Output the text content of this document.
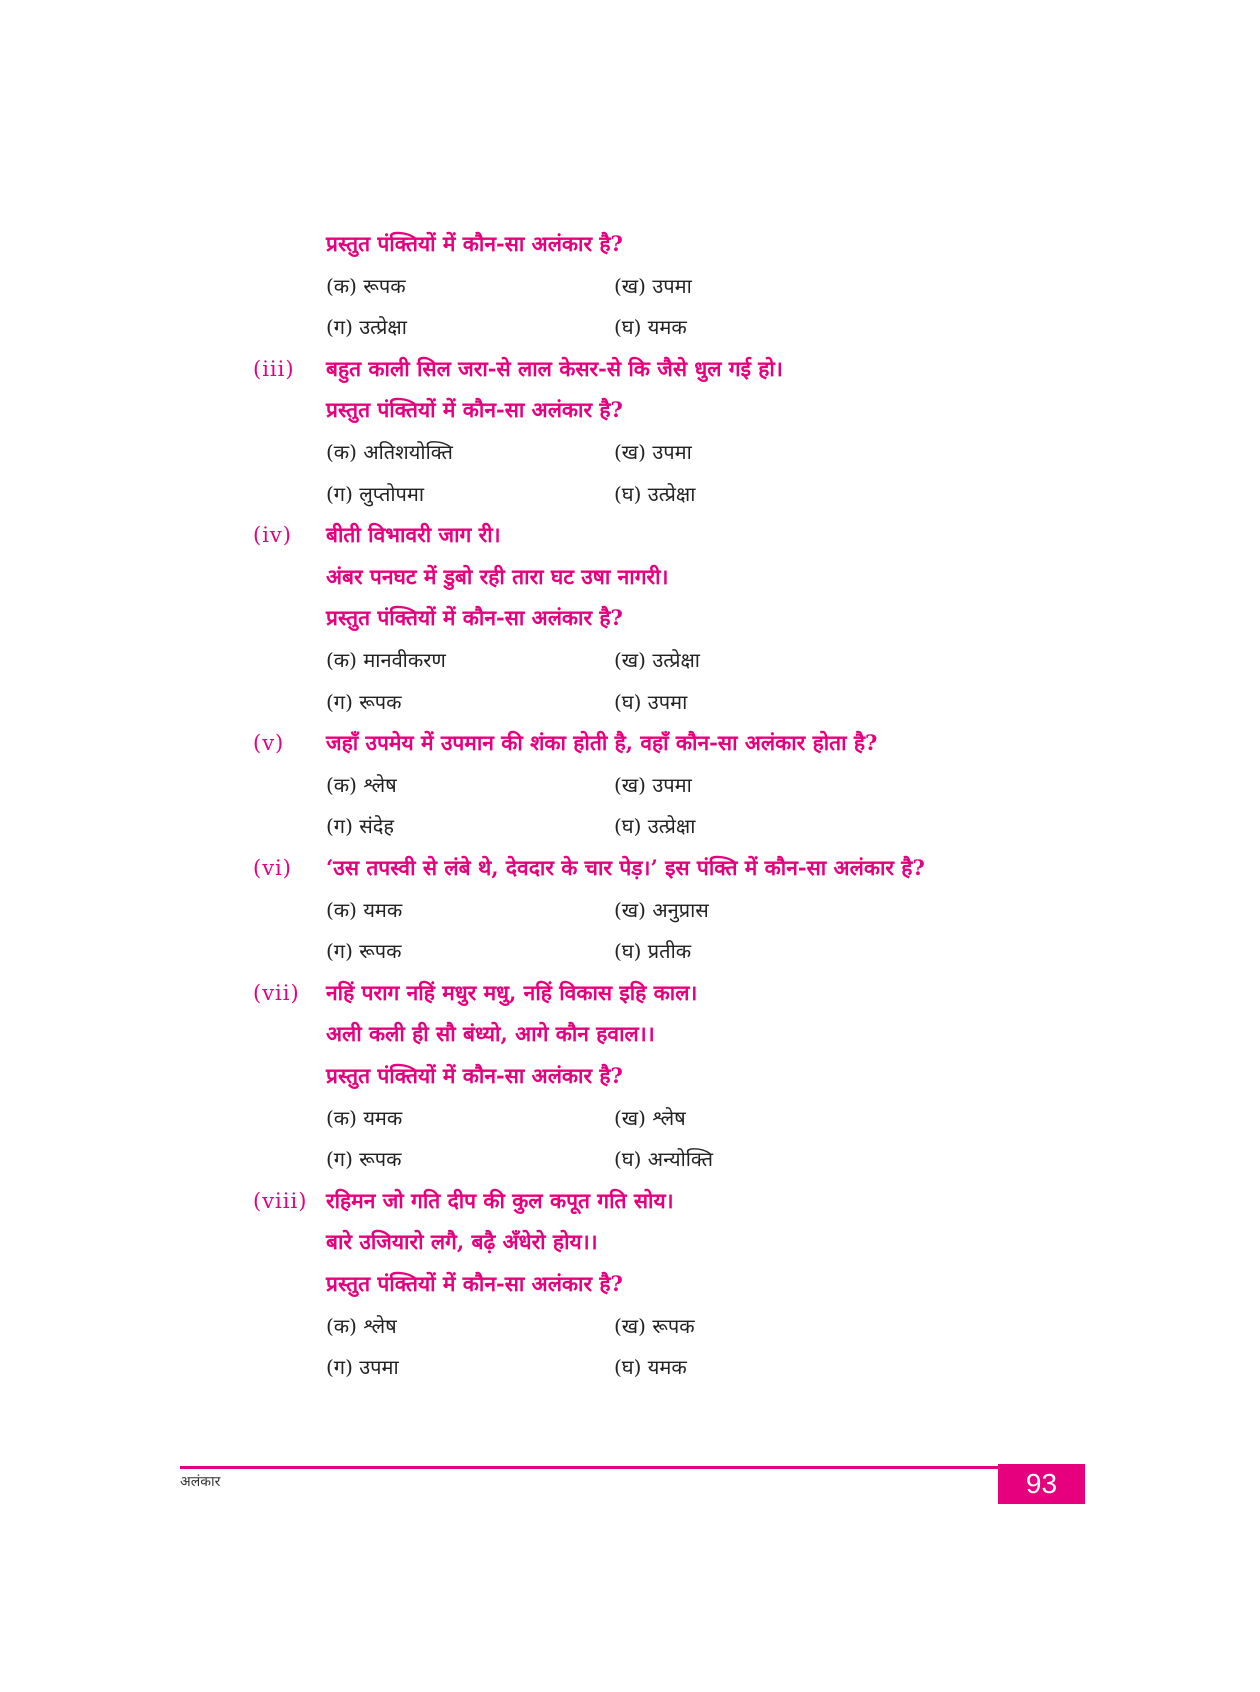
प्रस्तुत पंक्तियों में कौन-सा अलंकार है?
(क) रूपक	(ख) उपमा
(ग) उत्प्रेक्षा	(घ) यमक
(iii) बहुत काली सिल जरा-से लाल केसर-से कि जैसे धुल गई हो।
प्रस्तुत पंक्तियों में कौन-सा अलंकार है?
(क) अतिशयोक्ति	(ख) उपमा
(ग) लुप्तोपमा	(घ) उत्प्रेक्षा
(iv) बीती विभावरी जाग री।
अंबर पनघट में डुबो रही तारा घट उषा नागरी।
प्रस्तुत पंक्तियों में कौन-सा अलंकार है?
(क) मानवीकरण	(ख) उत्प्रेक्षा
(ग) रूपक	(घ) उपमा
(v) जहाँ उपमेय में उपमान की शंका होती है, वहाँ कौन-सा अलंकार होता है?
(क) श्लेष	(ख) उपमा
(ग) संदेह	(घ) उत्प्रेक्षा
(vi) ‘उस तपस्वी से लंबे थे, देवदार के चार पेड़।’ इस पंक्ति में कौन-सा अलंकार है?
(क) यमक	(ख) अनुप्रास
(ग) रूपक	(घ) प्रतीक
(vii) नहिं पराग नहिं मधुर मधु, नहिं विकास इहि काल।
अली कली ही सौ बंध्यो, आगे कौन हवाल।।
प्रस्तुत पंक्तियों में कौन-सा अलंकार है?
(क) यमक	(ख) श्लेष
(ग) रूपक	(घ) अन्योक्ति
(viii) रहिमन जो गति दीप की कुल कपूत गति सोय।
बारे उजियारो लगै, बढ़ै अँधेरो होय।।
प्रस्तुत पंक्तियों में कौन-सा अलंकार है?
(क) श्लेष	(ख) रूपक
(ग) उपमा	(घ) यमक
अलंकार	93
